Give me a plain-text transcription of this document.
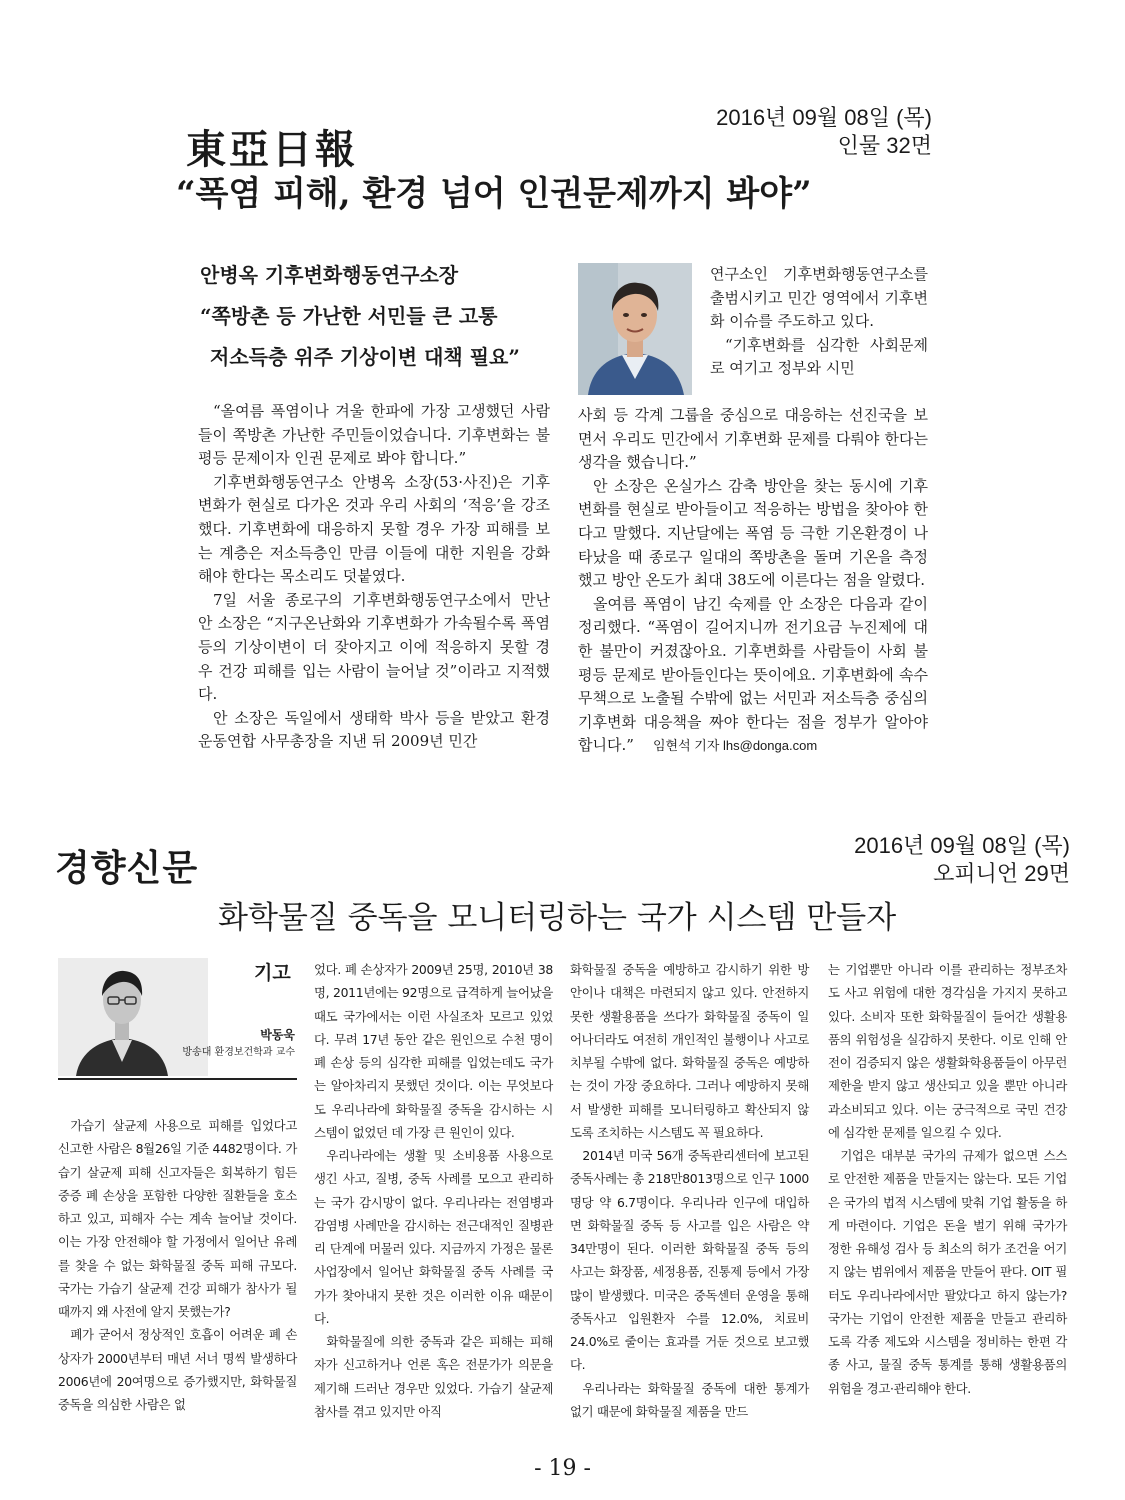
東亞日報
2016년 09월 08일 (목)
인물 32면
“폭염 피해, 환경 넘어 인권문제까지 봐야”
안병옥 기후변화행동연구소장
“쪽방촌 등 가난한 서민들 큰 고통
저소득층 위주 기상이변 대책 필요”

“올여름 폭염이나 겨울 한파에 가장 고생했던 사람들이 쪽방촌 가난한 주민들이었습니다. 기후변화는 불평등 문제이자 인권 문제로 봐야 합니다.”

기후변화행동연구소 안병옥 소장(53·사진)은 기후변화가 현실로 다가온 것과 우리 사회의 ‘적응’을 강조했다. 기후변화에 대응하지 못할 경우 가장 피해를 보는 계층은 저소득층인 만큼 이들에 대한 지원을 강화해야 한다는 목소리도 덧붙였다.

7일 서울 종로구의 기후변화행동연구소에서 만난 안 소장은 “지구온난화와 기후변화가 가속될수록 폭염 등의 기상이변이 더 잦아지고 이에 적응하지 못할 경우 건강 피해를 입는 사람이 늘어날 것”이라고 지적했다.

안 소장은 독일에서 생태학 박사 등을 받았고 환경운동연합 사무총장을 지낸 뒤 2009년 민간

연구소인 기후변화행동연구소를 출범시키고 민간 영역에서 기후변화 이슈를 주도하고 있다.

“기후변화를 심각한 사회문제로 여기고 정부와 시민

사회 등 각계 그룹을 중심으로 대응하는 선진국을 보면서 우리도 민간에서 기후변화 문제를 다뤄야 한다는 생각을 했습니다.”

안 소장은 온실가스 감축 방안을 찾는 동시에 기후변화를 현실로 받아들이고 적응하는 방법을 찾아야 한다고 말했다. 지난달에는 폭염 등 극한 기온환경이 나타났을 때 종로구 일대의 쪽방촌을 돌며 기온을 측정했고 방안 온도가 최대 38도에 이른다는 점을 알렸다.

올여름 폭염이 남긴 숙제를 안 소장은 다음과 같이 정리했다. “폭염이 길어지니까 전기요금 누진제에 대한 불만이 커졌잖아요. 기후변화를 사람들이 사회 불평등 문제로 받아들인다는 뜻이에요. 기후변화에 속수무책으로 노출될 수밖에 없는 서민과 저소득층 중심의 기후변화 대응책을 짜야 한다는 점을 정부가 알아야 합니다.” 임현석 기자 lhs@donga.com

경향신문
2016년 09월 08일 (목)
오피니언 29면
화학물질 중독을 모니터링하는 국가 시스템 만들자
기고
박동욱
방송대 환경보건학과 교수

가습기 살균제 사용으로 피해를 입었다고 신고한 사람은 8월26일 기준 4482명이다. 가습기 살균제 피해 신고자들은 회복하기 힘든 중증 폐 손상을 포함한 다양한 질환들을 호소하고 있고, 피해자 수는 계속 늘어날 것이다. 이는 가장 안전해야 할 가정에서 일어난 유례를 찾을 수 없는 화학물질 중독 피해 규모다. 국가는 가습기 살균제 건강 피해가 참사가 될 때까지 왜 사전에 알지 못했는가?

폐가 굳어서 정상적인 호흡이 어려운 폐 손상자가 2000년부터 매년 서너 명씩 발생하다 2006년에 20여명으로 증가했지만, 화학물질 중독을 의심한 사람은 없

었다. 폐 손상자가 2009년 25명, 2010년 38명, 2011년에는 92명으로 급격하게 늘어났을 때도 국가에서는 이런 사실조차 모르고 있었다. 무려 17년 동안 같은 원인으로 수천 명이 폐 손상 등의 심각한 피해를 입었는데도 국가는 알아차리지 못했던 것이다. 이는 무엇보다도 우리나라에 화학물질 중독을 감시하는 시스템이 없었던 데 가장 큰 원인이 있다.

우리나라에는 생활 및 소비용품 사용으로 생긴 사고, 질병, 중독 사례를 모으고 관리하는 국가 감시망이 없다. 우리나라는 전염병과 감염병 사례만을 감시하는 전근대적인 질병관리 단계에 머물러 있다. 지금까지 가정은 물론 사업장에서 일어난 화학물질 중독 사례를 국가가 찾아내지 못한 것은 이러한 이유 때문이다.

화학물질에 의한 중독과 같은 피해는 피해자가 신고하거나 언론 혹은 전문가가 의문을 제기해 드러난 경우만 있었다. 가습기 살균제 참사를 겪고 있지만 아직

화학물질 중독을 예방하고 감시하기 위한 방안이나 대책은 마련되지 않고 있다. 안전하지 못한 생활용품을 쓰다가 화학물질 중독이 일어나더라도 여전히 개인적인 불행이나 사고로 치부될 수밖에 없다. 화학물질 중독은 예방하는 것이 가장 중요하다. 그러나 예방하지 못해서 발생한 피해를 모니터링하고 확산되지 않도록 조치하는 시스템도 꼭 필요하다.

2014년 미국 56개 중독관리센터에 보고된 중독사례는 총 218만8013명으로 인구 1000명당 약 6.7명이다. 우리나라 인구에 대입하면 화학물질 중독 등 사고를 입은 사람은 약 34만명이 된다. 이러한 화학물질 중독 등의 사고는 화장품, 세정용품, 진통제 등에서 가장 많이 발생했다. 미국은 중독센터 운영을 통해 중독사고 입원환자 수를 12.0%, 치료비 24.0%로 줄이는 효과를 거둔 것으로 보고했다.

우리나라는 화학물질 중독에 대한 통계가 없기 때문에 화학물질 제품을 만드

는 기업뿐만 아니라 이를 관리하는 정부조차도 사고 위험에 대한 경각심을 가지지 못하고 있다. 소비자 또한 화학물질이 들어간 생활용품의 위험성을 실감하지 못한다. 이로 인해 안전이 검증되지 않은 생활화학용품들이 아무런 제한을 받지 않고 생산되고 있을 뿐만 아니라 과소비되고 있다. 이는 궁극적으로 국민 건강에 심각한 문제를 일으킬 수 있다.

기업은 대부분 국가의 규제가 없으면 스스로 안전한 제품을 만들지는 않는다. 모든 기업은 국가의 법적 시스템에 맞춰 기업 활동을 하게 마련이다. 기업은 돈을 벌기 위해 국가가 정한 유해성 검사 등 최소의 허가 조건을 어기지 않는 범위에서 제품을 만들어 판다. OIT 필터도 우리나라에서만 팔았다고 하지 않는가? 국가는 기업이 안전한 제품을 만들고 관리하도록 각종 제도와 시스템을 정비하는 한편 각종 사고, 물질 중독 통계를 통해 생활용품의 위험을 경고·관리해야 한다.

- 19 -
